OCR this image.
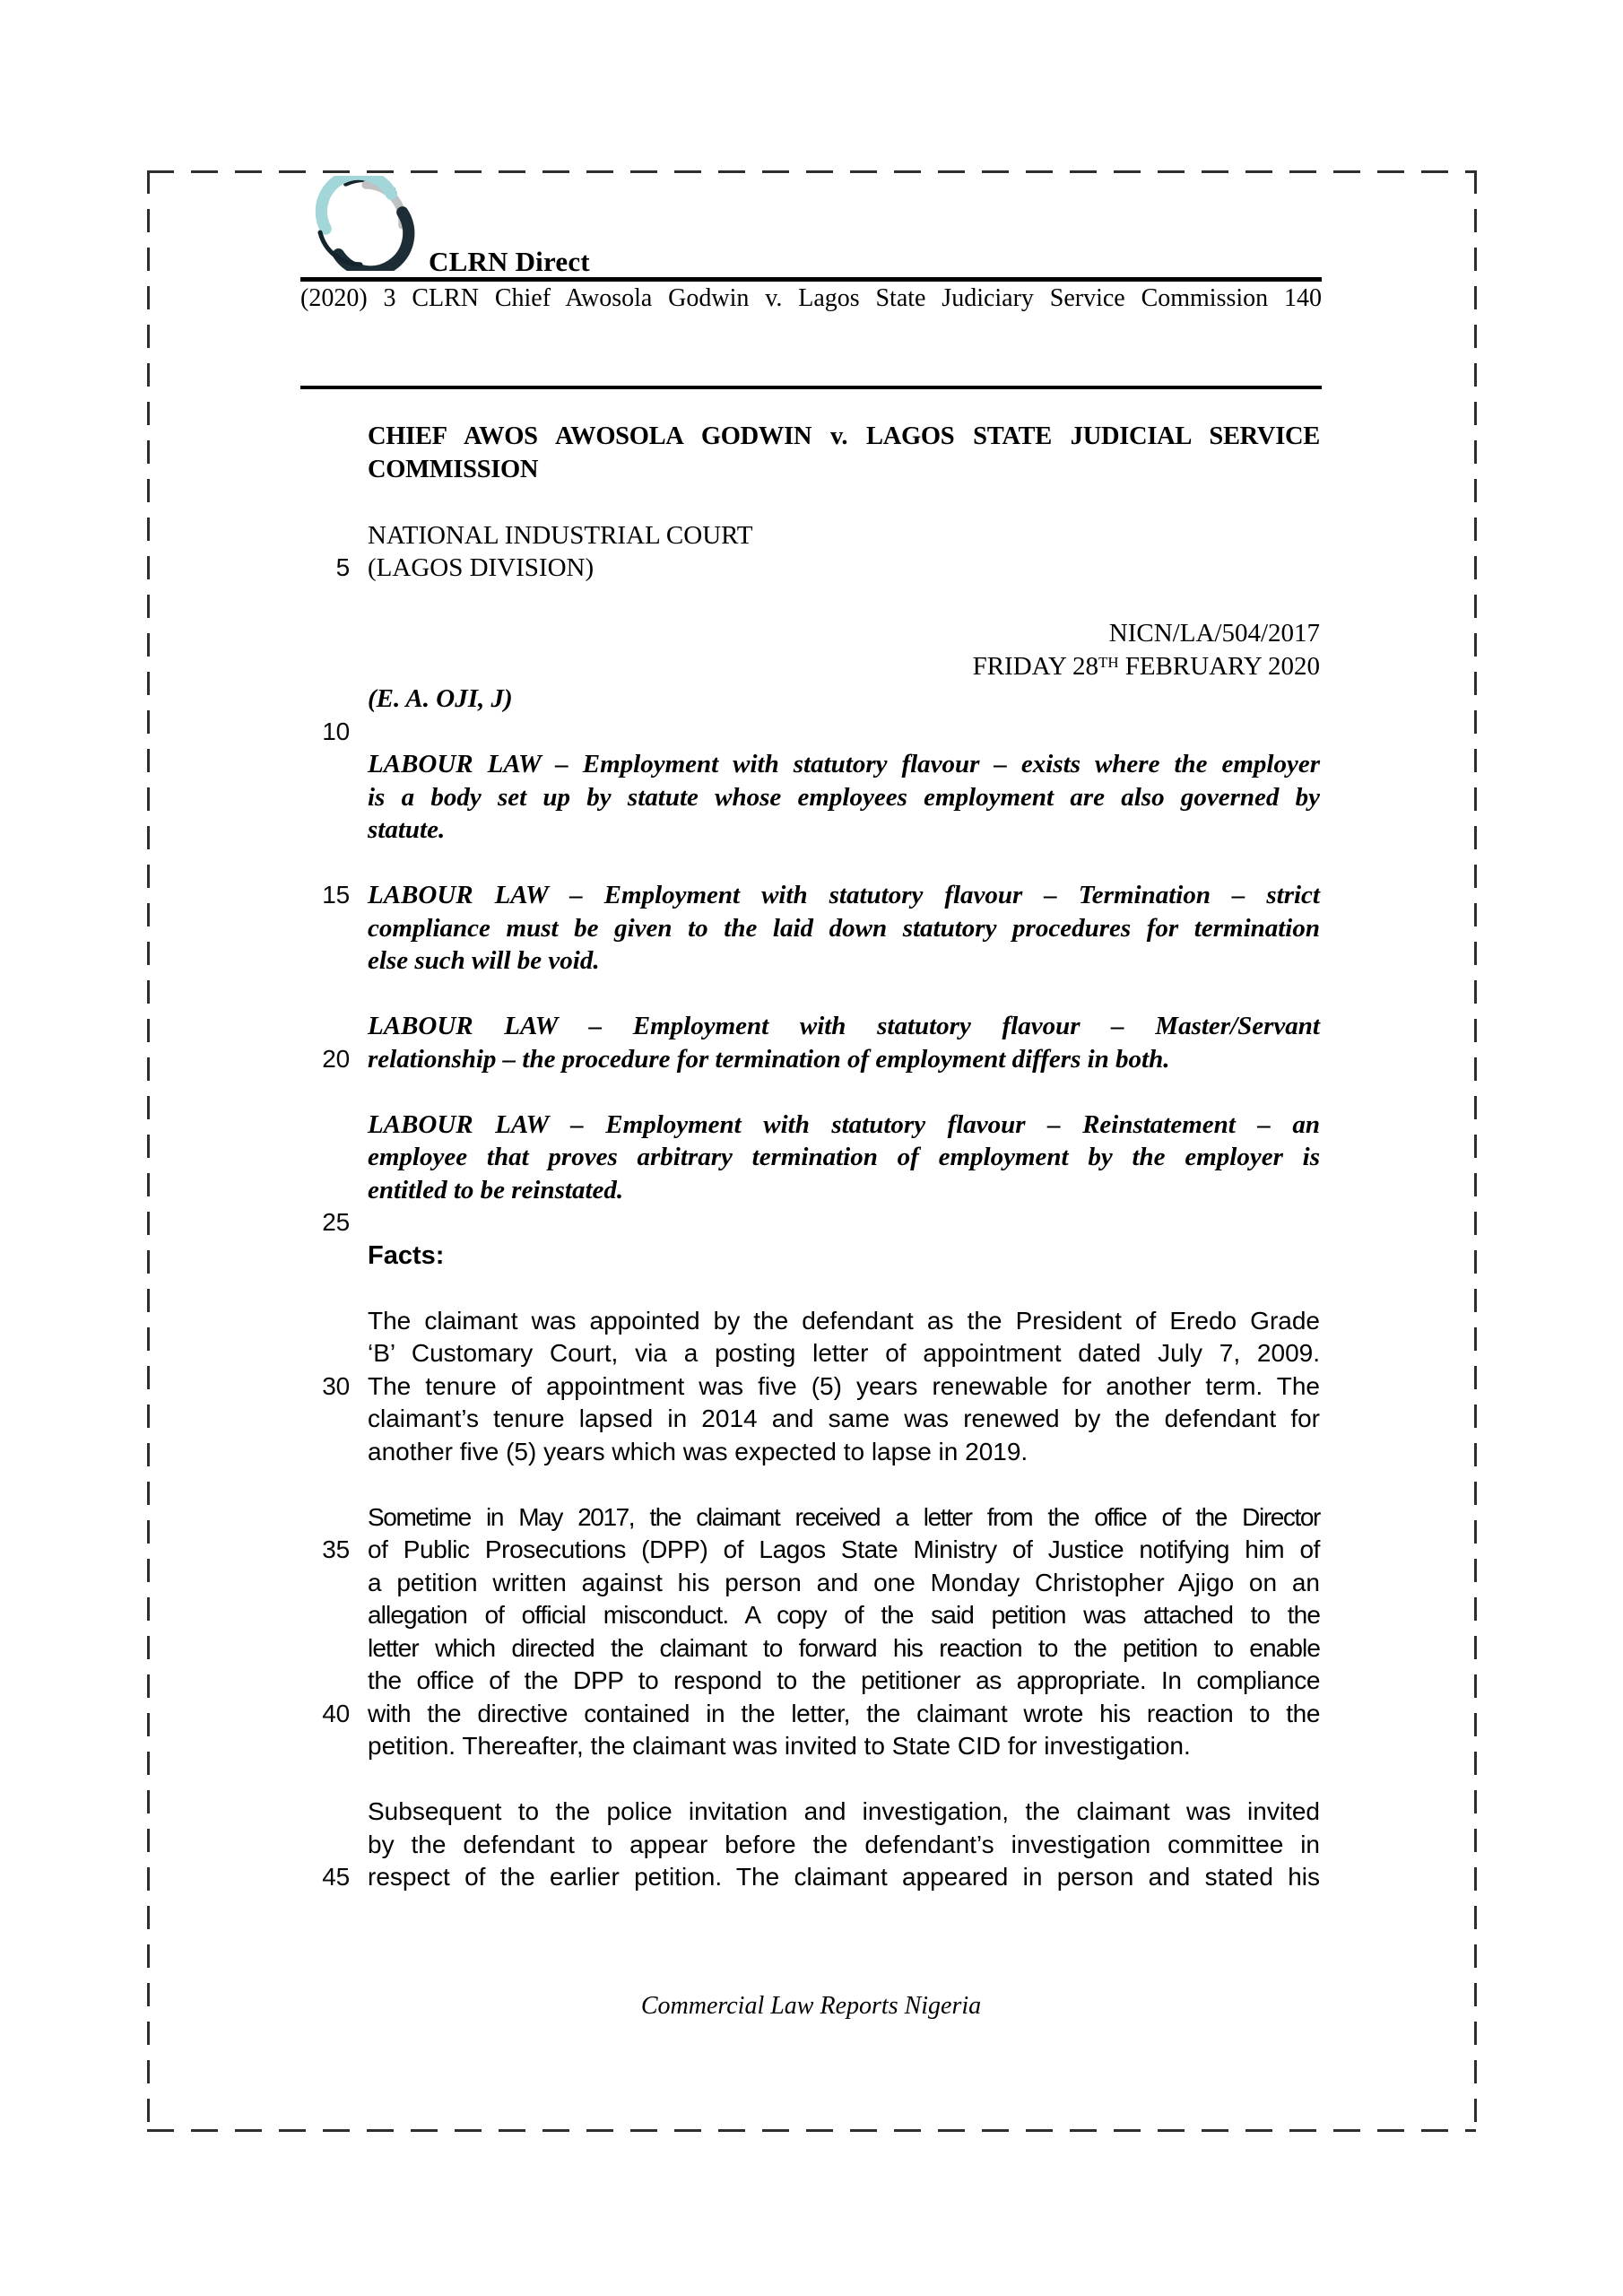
CLRN Direct
(2020) 3 CLRN Chief Awosola Godwin v. Lagos State Judiciary Service Commission 140
CHIEF AWOS AWOSOLA GODWIN v. LAGOS STATE JUDICIAL SERVICE
COMMISSION
NATIONAL INDUSTRIAL COURT
5 (LAGOS DIVISION)
NICN/LA/504/2017
FRIDAY 28TH FEBRUARY 2020
(E. A. OJI, J)
10
LABOUR LAW – Employment with statutory flavour – exists where the employer
is a body set up by statute whose employees employment are also governed by
statute.
15 LABOUR LAW – Employment with statutory flavour – Termination – strict
compliance must be given to the laid down statutory procedures for termination
else such will be void.
LABOUR LAW – Employment with statutory flavour – Master/Servant
20 relationship – the procedure for termination of employment differs in both.
LABOUR LAW – Employment with statutory flavour – Reinstatement – an
employee that proves arbitrary termination of employment by the employer is
entitled to be reinstated.
25
Facts:
The claimant was appointed by the defendant as the President of Eredo Grade
‘B’ Customary Court, via a posting letter of appointment dated July 7, 2009.
30 The tenure of appointment was five (5) years renewable for another term. The
claimant’s tenure lapsed in 2014 and same was renewed by the defendant for
another five (5) years which was expected to lapse in 2019.
Sometime in May 2017, the claimant received a letter from the office of the Director
35 of Public Prosecutions (DPP) of Lagos State Ministry of Justice notifying him of
a petition written against his person and one Monday Christopher Ajigo on an
allegation of official misconduct. A copy of the said petition was attached to the
letter which directed the claimant to forward his reaction to the petition to enable
the office of the DPP to respond to the petitioner as appropriate. In compliance
40 with the directive contained in the letter, the claimant wrote his reaction to the
petition. Thereafter, the claimant was invited to State CID for investigation.
Subsequent to the police invitation and investigation, the claimant was invited
by the defendant to appear before the defendant’s investigation committee in
45 respect of the earlier petition. The claimant appeared in person and stated his
Commercial Law Reports Nigeria
